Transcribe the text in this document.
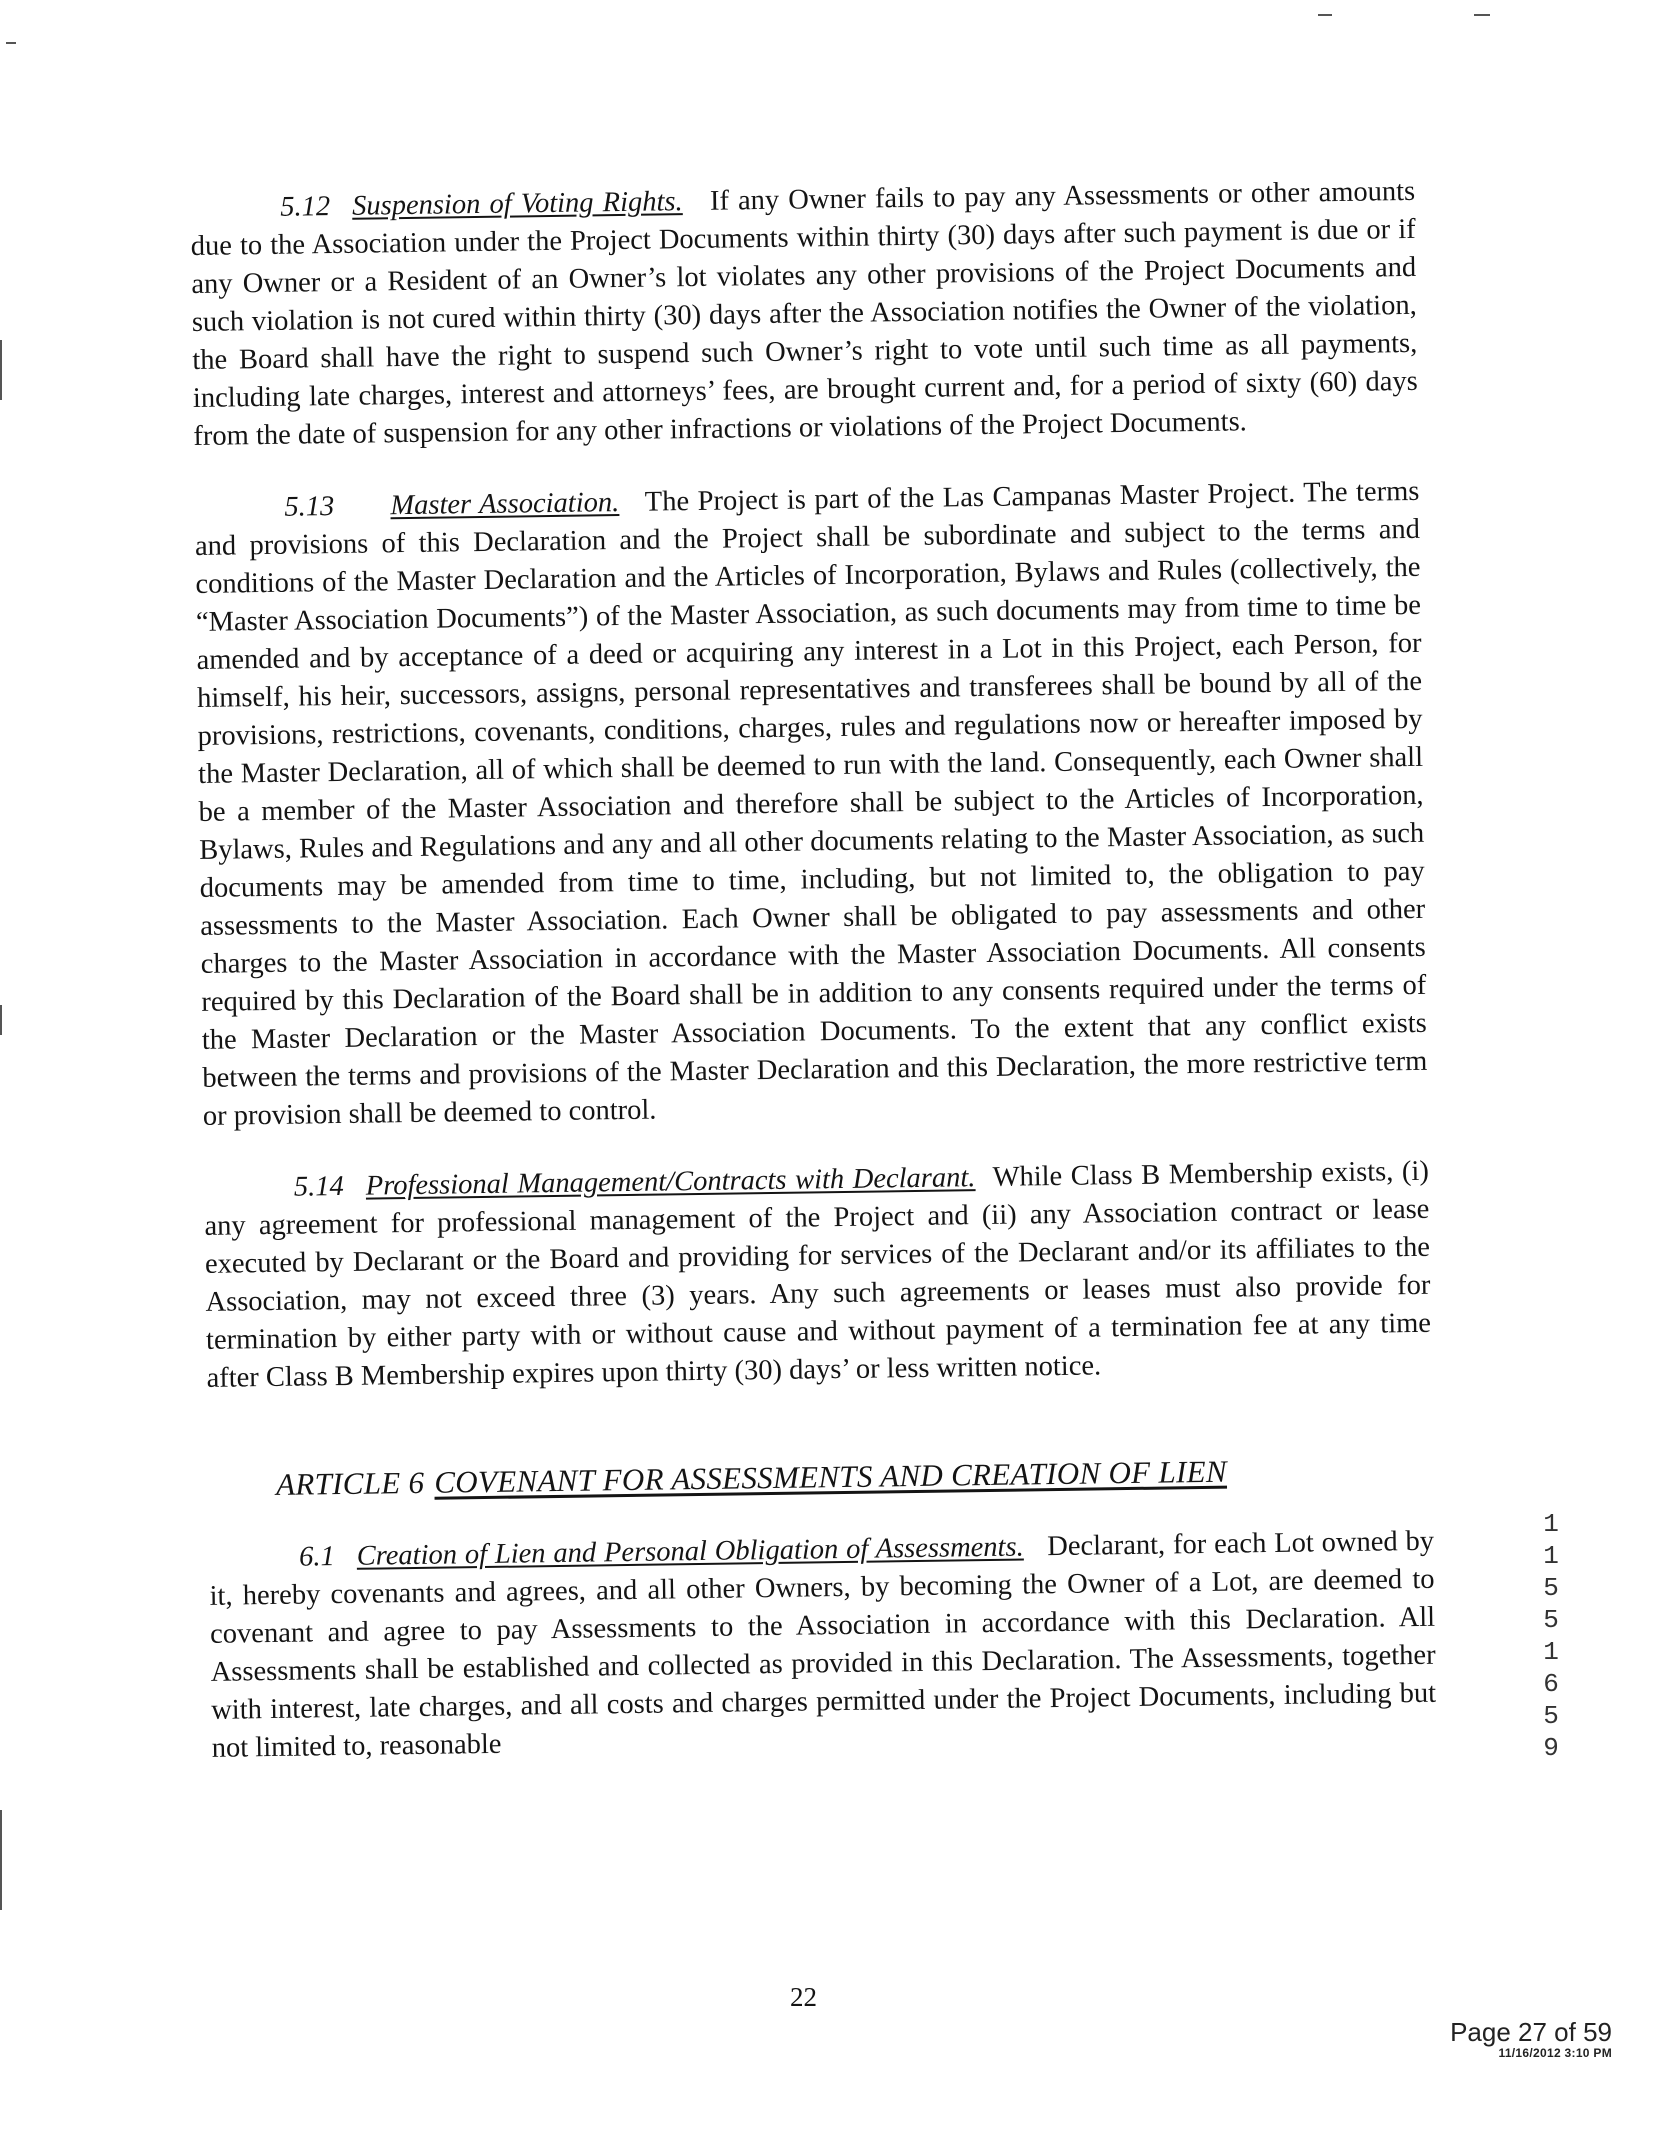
5.12 Suspension of Voting Rights. If any Owner fails to pay any Assessments or other amounts due to the Association under the Project Documents within thirty (30) days after such payment is due or if any Owner or a Resident of an Owner’s lot violates any other provisions of the Project Documents and such violation is not cured within thirty (30) days after the Association notifies the Owner of the violation, the Board shall have the right to suspend such Owner’s right to vote until such time as all payments, including late charges, interest and attorneys’ fees, are brought current and, for a period of sixty (60) days from the date of suspension for any other infractions or violations of the Project Documents.

5.13 Master Association. The Project is part of the Las Campanas Master Project. The terms and provisions of this Declaration and the Project shall be subordinate and subject to the terms and conditions of the Master Declaration and the Articles of Incorporation, Bylaws and Rules (collectively, the “Master Association Documents”) of the Master Association, as such documents may from time to time be amended and by acceptance of a deed or acquiring any interest in a Lot in this Project, each Person, for himself, his heir, successors, assigns, personal representatives and transferees shall be bound by all of the provisions, restrictions, covenants, conditions, charges, rules and regulations now or hereafter imposed by the Master Declaration, all of which shall be deemed to run with the land. Consequently, each Owner shall be a member of the Master Association and therefore shall be subject to the Articles of Incorporation, Bylaws, Rules and Regulations and any and all other documents relating to the Master Association, as such documents may be amended from time to time, including, but not limited to, the obligation to pay assessments to the Master Association. Each Owner shall be obligated to pay assessments and other charges to the Master Association in accordance with the Master Association Documents. All consents required by this Declaration of the Board shall be in addition to any consents required under the terms of the Master Declaration or the Master Association Documents. To the extent that any conflict exists between the terms and provisions of the Master Declaration and this Declaration, the more restrictive term or provision shall be deemed to control.

5.14 Professional Management/Contracts with Declarant. While Class B Membership exists, (i) any agreement for professional management of the Project and (ii) any Association contract or lease executed by Declarant or the Board and providing for services of the Declarant and/or its affiliates to the Association, may not exceed three (3) years. Any such agreements or leases must also provide for termination by either party with or without cause and without payment of a termination fee at any time after Class B Membership expires upon thirty (30) days’ or less written notice.

ARTICLE 6 COVENANT FOR ASSESSMENTS AND CREATION OF LIEN

6.1 Creation of Lien and Personal Obligation of Assessments. Declarant, for each Lot owned by it, hereby covenants and agrees, and all other Owners, by becoming the Owner of a Lot, are deemed to covenant and agree to pay Assessments to the Association in accordance with this Declaration. All Assessments shall be established and collected as provided in this Declaration. The Assessments, together with interest, late charges, and all costs and charges permitted under the Project Documents, including but not limited to, reasonable

1155 1659
22
Page 27 of 59
11/16/2012 3:10 PM
